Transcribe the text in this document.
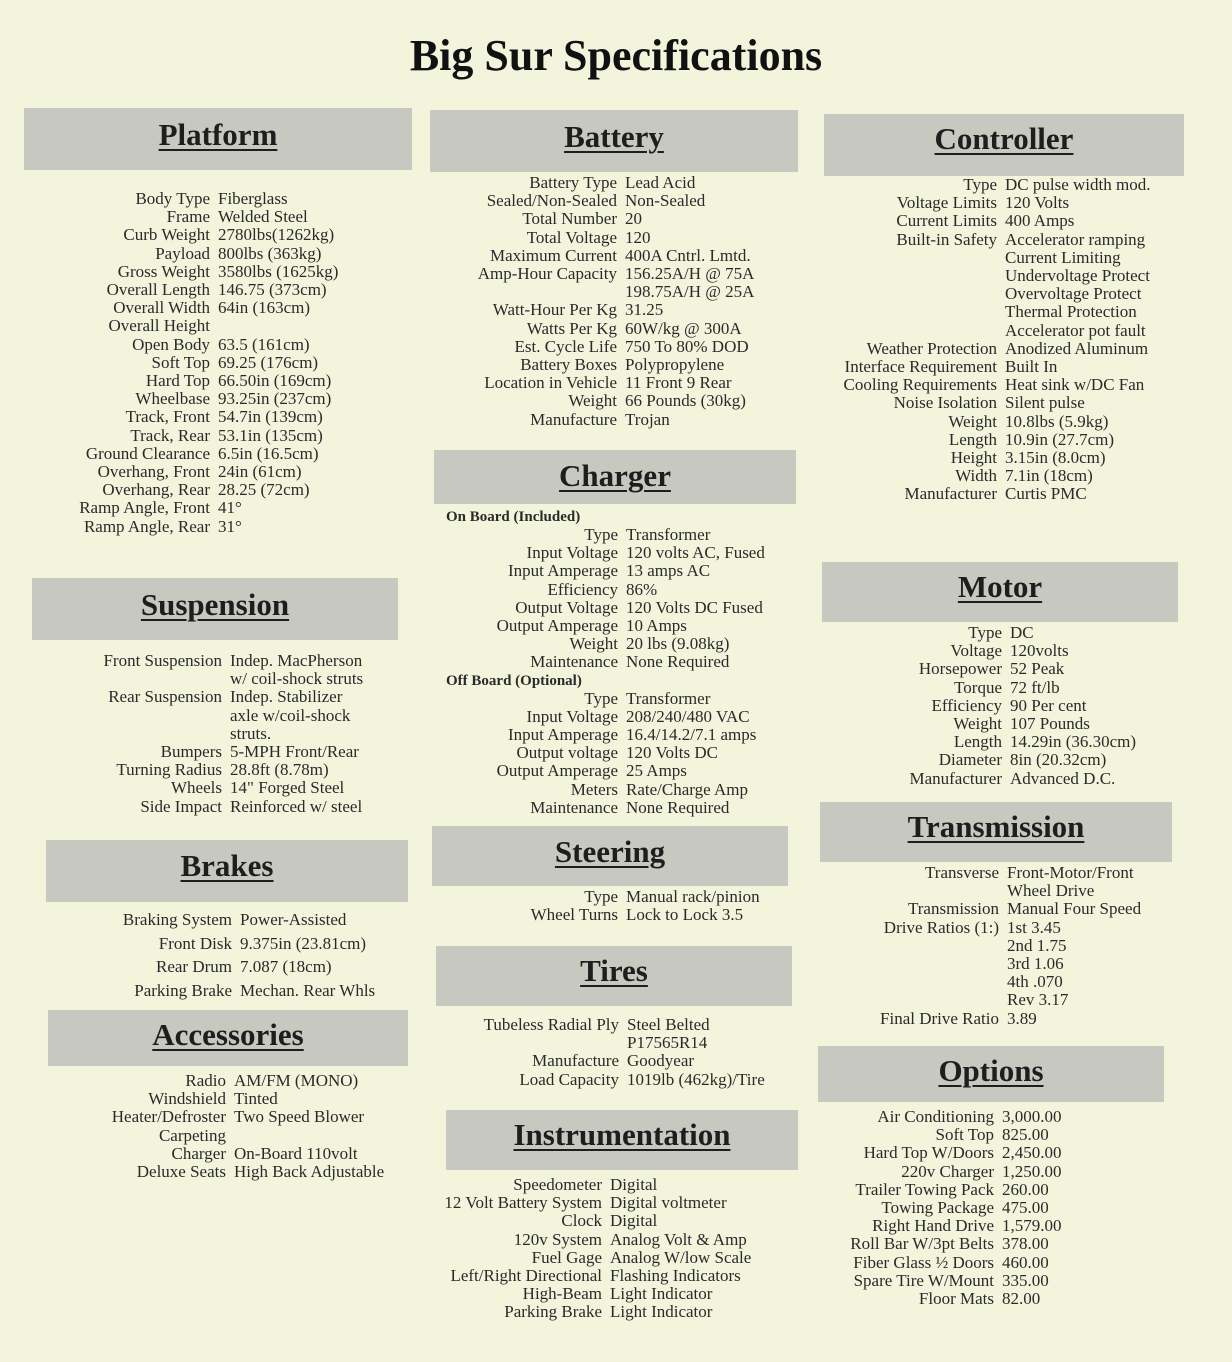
Big Sur Specifications
Platform
Body Type Fiberglass
Frame Welded Steel
Curb Weight 2780lbs(1262kg)
Payload 800lbs (363kg)
Gross Weight 3580lbs (1625kg)
Overall Length 146.75 (373cm)
Overall Width 64in (163cm)
Overall Height
Open Body 63.5 (161cm)
Soft Top 69.25 (176cm)
Hard Top 66.50in (169cm)
Wheelbase 93.25in (237cm)
Track, Front 54.7in (139cm)
Track, Rear 53.1in (135cm)
Ground Clearance 6.5in (16.5cm)
Overhang, Front 24in (61cm)
Overhang, Rear 28.25 (72cm)
Ramp Angle, Front 41°
Ramp Angle, Rear 31°
Suspension
Front Suspension Indep. MacPherson
w/ coil-shock struts
Rear Suspension Indep. Stabilizer
axle w/coil-shock
struts.
Bumpers 5-MPH Front/Rear
Turning Radius 28.8ft (8.78m)
Wheels 14" Forged Steel
Side Impact Reinforced w/ steel
Brakes
Braking System Power-Assisted
Front Disk 9.375in (23.81cm)
Rear Drum 7.087 (18cm)
Parking Brake Mechan. Rear Whls
Accessories
Radio AM/FM (MONO)
Windshield Tinted
Heater/Defroster Two Speed Blower
Carpeting
Charger On-Board 110volt
Deluxe Seats High Back Adjustable
Battery
Battery Type Lead Acid
Sealed/Non-Sealed Non-Sealed
Total Number 20
Total Voltage 120
Maximum Current 400A Cntrl. Lmtd.
Amp-Hour Capacity 156.25A/H @ 75A
198.75A/H @ 25A
Watt-Hour Per Kg 31.25
Watts Per Kg 60W/kg @ 300A
Est. Cycle Life 750 To 80% DOD
Battery Boxes Polypropylene
Location in Vehicle 11 Front 9 Rear
Weight 66 Pounds (30kg)
Manufacture Trojan
Charger
On Board (Included)
Type Transformer
Input Voltage 120 volts AC, Fused
Input Amperage 13 amps AC
Efficiency 86%
Output Voltage 120 Volts DC Fused
Output Amperage 10 Amps
Weight 20 lbs (9.08kg)
Maintenance None Required
Off Board (Optional)
Type Transformer
Input Voltage 208/240/480 VAC
Input Amperage 16.4/14.2/7.1 amps
Output voltage 120 Volts DC
Output Amperage 25 Amps
Meters Rate/Charge Amp
Maintenance None Required
Steering
Type Manual rack/pinion
Wheel Turns Lock to Lock 3.5
Tires
Tubeless Radial Ply Steel Belted
P17565R14
Manufacture Goodyear
Load Capacity 1019lb (462kg)/Tire
Instrumentation
Speedometer Digital
12 Volt Battery System Digital voltmeter
Clock Digital
120v System Analog Volt & Amp
Fuel Gage Analog W/low Scale
Left/Right Directional Flashing Indicators
High-Beam Light Indicator
Parking Brake Light Indicator
Controller
Type DC pulse width mod.
Voltage Limits 120 Volts
Current Limits 400 Amps
Built-in Safety Accelerator ramping
Current Limiting
Undervoltage Protect
Overvoltage Protect
Thermal Protection
Accelerator pot fault
Weather Protection Anodized Aluminum
Interface Requirement Built In
Cooling Requirements Heat sink w/DC Fan
Noise Isolation Silent pulse
Weight 10.8lbs (5.9kg)
Length 10.9in (27.7cm)
Height 3.15in (8.0cm)
Width 7.1in (18cm)
Manufacturer Curtis PMC
Motor
Type DC
Voltage 120volts
Horsepower 52 Peak
Torque 72 ft/lb
Efficiency 90 Per cent
Weight 107 Pounds
Length 14.29in (36.30cm)
Diameter 8in (20.32cm)
Manufacturer Advanced D.C.
Transmission
Transverse Front-Motor/Front
Wheel Drive
Transmission Manual Four Speed
Drive Ratios (1:) 1st 3.45
2nd 1.75
3rd 1.06
4th .070
Rev 3.17
Final Drive Ratio 3.89
Options
Air Conditioning 3,000.00
Soft Top 825.00
Hard Top W/Doors 2,450.00
220v Charger 1,250.00
Trailer Towing Pack 260.00
Towing Package 475.00
Right Hand Drive 1,579.00
Roll Bar W/3pt Belts 378.00
Fiber Glass ½ Doors 460.00
Spare Tire W/Mount 335.00
Floor Mats 82.00
